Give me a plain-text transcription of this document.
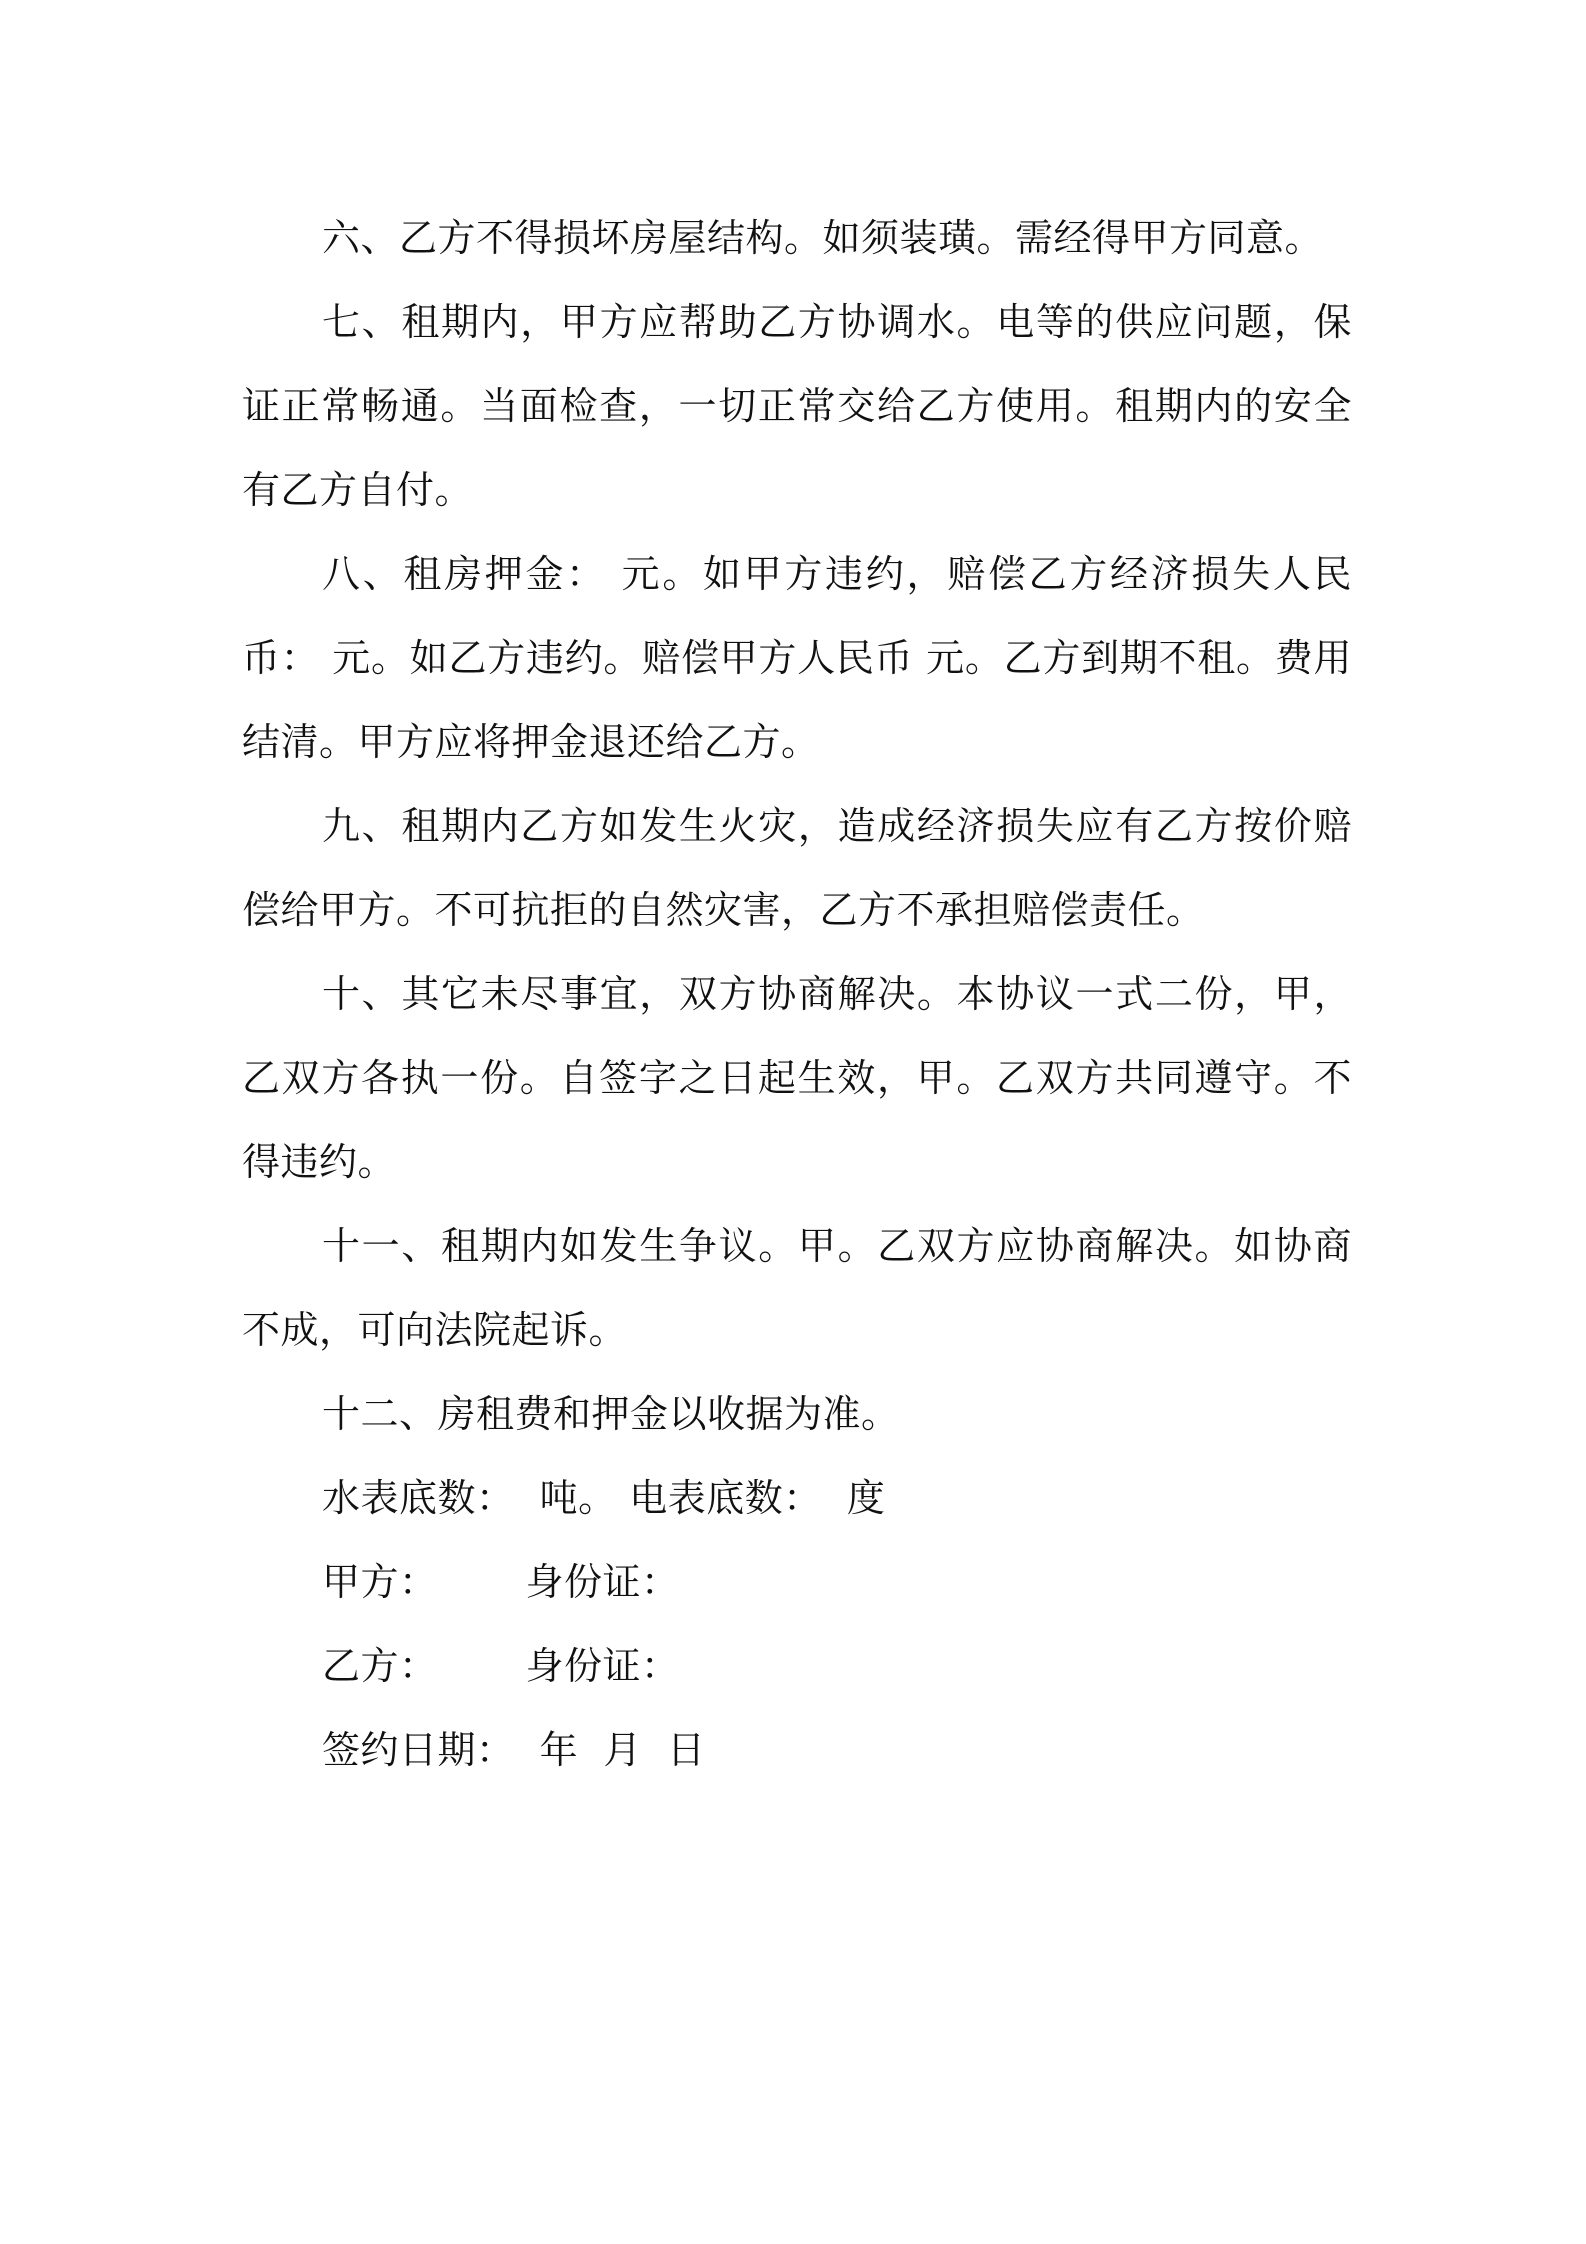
六、乙方不得损坏房屋结构。如须装璜。需经得甲方同意。

七、租期内，甲方应帮助乙方协调水。电等的供应问题，保证正常畅通。当面检查，一切正常交给乙方使用。租期内的安全有乙方自付。

八、租房押金： 元。如甲方违约，赔偿乙方经济损失人民币： 元。如乙方违约。赔偿甲方人民币 元。乙方到期不租。费用结清。甲方应将押金退还给乙方。

九、租期内乙方如发生火灾，造成经济损失应有乙方按价赔偿给甲方。不可抗拒的自然灾害，乙方不承担赔偿责任。

十、其它未尽事宜，双方协商解决。本协议一式二份，甲，乙双方各执一份。自签字之日起生效，甲。乙双方共同遵守。不得违约。

十一、租期内如发生争议。甲。乙双方应协商解决。如协商不成，可向法院起诉。

十二、房租费和押金以收据为准。

水表底数：  吨。 电表底数：  度

甲方：       身份证：

乙方：       身份证：

签约日期：  年  月  日
